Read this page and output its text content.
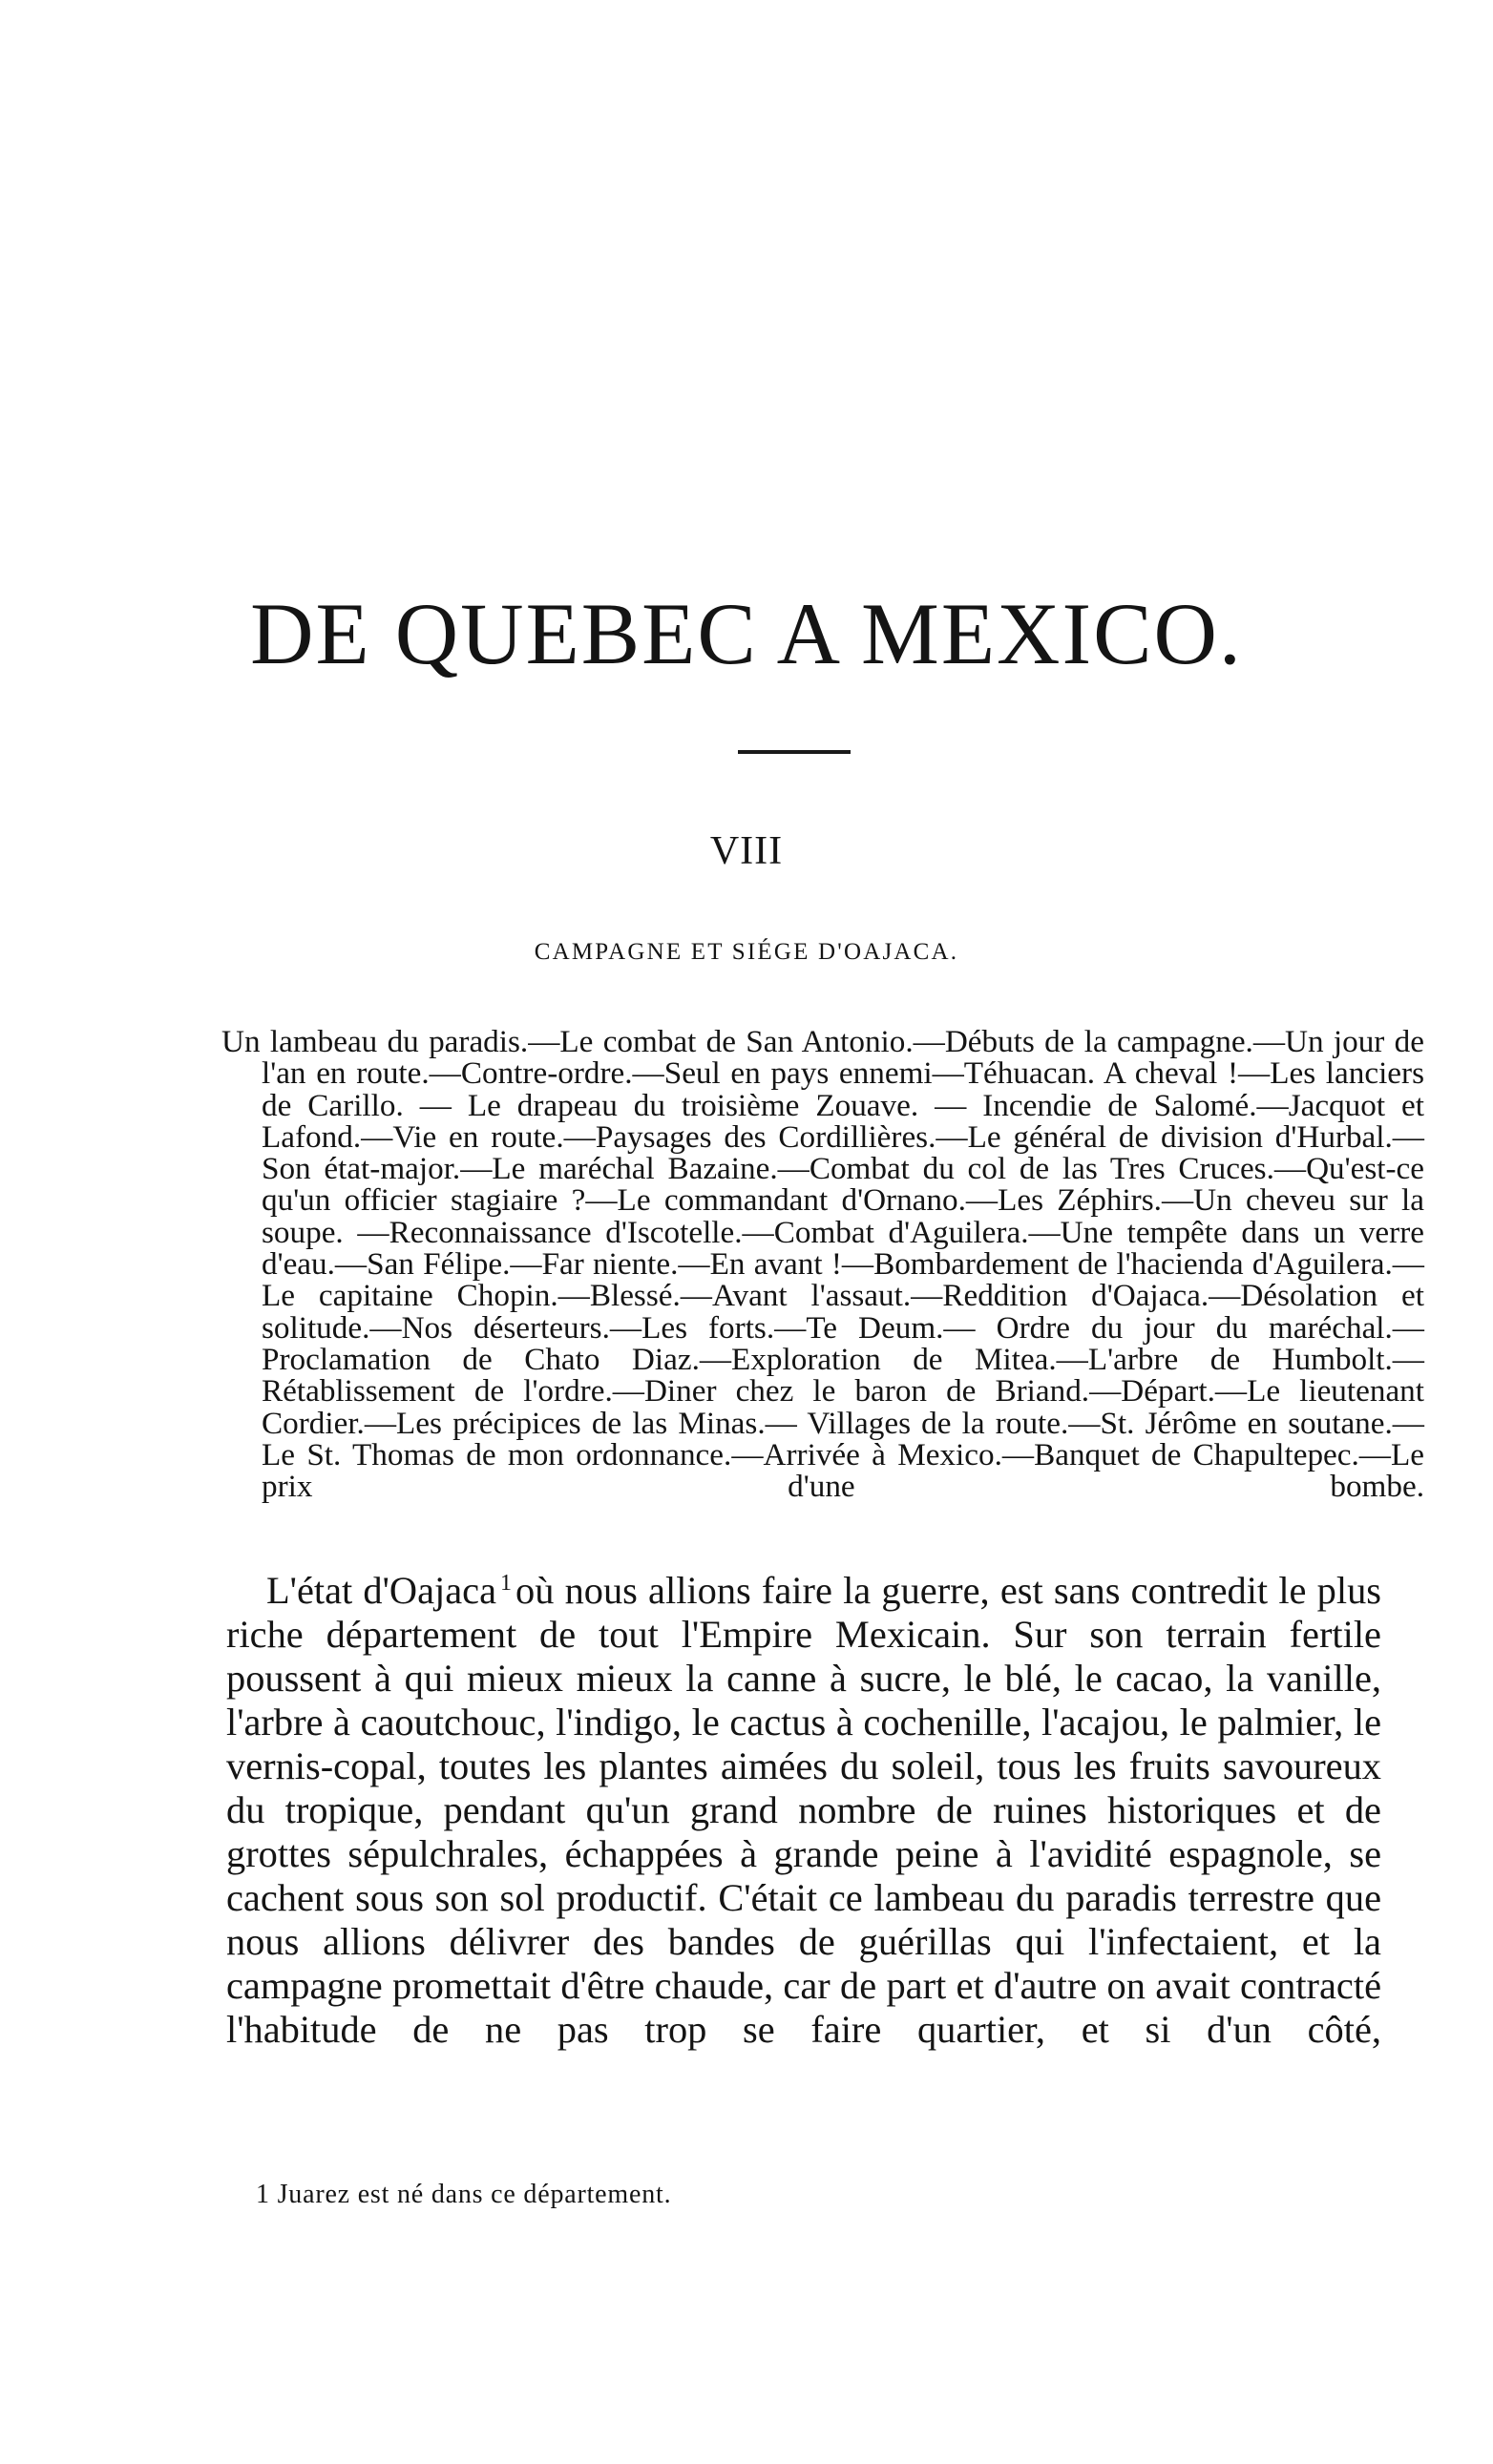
DE QUEBEC A MEXICO.
VIII
CAMPAGNE ET SIÉGE D'OAJACA.

Un lambeau du paradis.—Le combat de San Antonio.—Débuts de la campagne.—Un jour de l'an en route.—Contre-ordre.—Seul en pays ennemi—Téhuacan. A cheval !—Les lanciers de Carillo. — Le drapeau du troisième Zouave. — Incendie de Salomé.—Jacquot et Lafond.—Vie en route.—Paysages des Cordillières.—Le général de division d'Hurbal.—Son état-major.—Le maréchal Bazaine.—Combat du col de las Tres Cruces.—Qu'est-ce qu'un officier stagiaire ?—Le commandant d'Ornano.—Les Zéphirs.—Un cheveu sur la soupe. —Reconnaissance d'Iscotelle.—Combat d'Aguilera.—Une tempête dans un verre d'eau.—San Félipe.—Far niente.—En avant !—Bombardement de l'hacienda d'Aguilera.—Le capitaine Chopin.—Blessé.—Avant l'assaut.—Reddition d'Oajaca.—Désolation et solitude.—Nos déserteurs.—Les forts.—Te Deum.— Ordre du jour du maréchal.—Proclamation de Chato Diaz.—Exploration de Mitea.—L'arbre de Humbolt.—Rétablissement de l'ordre.—Diner chez le baron de Briand.—Départ.—Le lieutenant Cordier.—Les précipices de las Minas.— Villages de la route.—St. Jérôme en soutane.—Le St. Thomas de mon ordonnance.—Arrivée à Mexico.—Banquet de Chapultepec.—Le prix d'une bombe.

L'état d'Oajaca $^1$où nous allions faire la guerre, est sans contredit le plus riche département de tout l'Empire Mexicain. Sur son terrain fertile poussent à qui mieux mieux la canne à sucre, le blé, le cacao, la vanille, l'arbre à caoutchouc, l'indigo, le cactus à cochenille, l'acajou, le palmier, le vernis-copal, toutes les plantes aimées du soleil, tous les fruits savoureux du tropique, pendant qu'un grand nombre de ruines historiques et de grottes sépulchrales, échappées à grande peine à l'avidité espagnole, se cachent sous son sol productif. C'était ce lambeau du paradis terrestre que nous allions délivrer des bandes de guérillas qui l'infectaient, et la campagne promettait d'être chaude, car de part et d'autre on avait contracté l'habitude de ne pas trop se faire quartier, et si d'un côté,

1 Juarez est né dans ce département.
